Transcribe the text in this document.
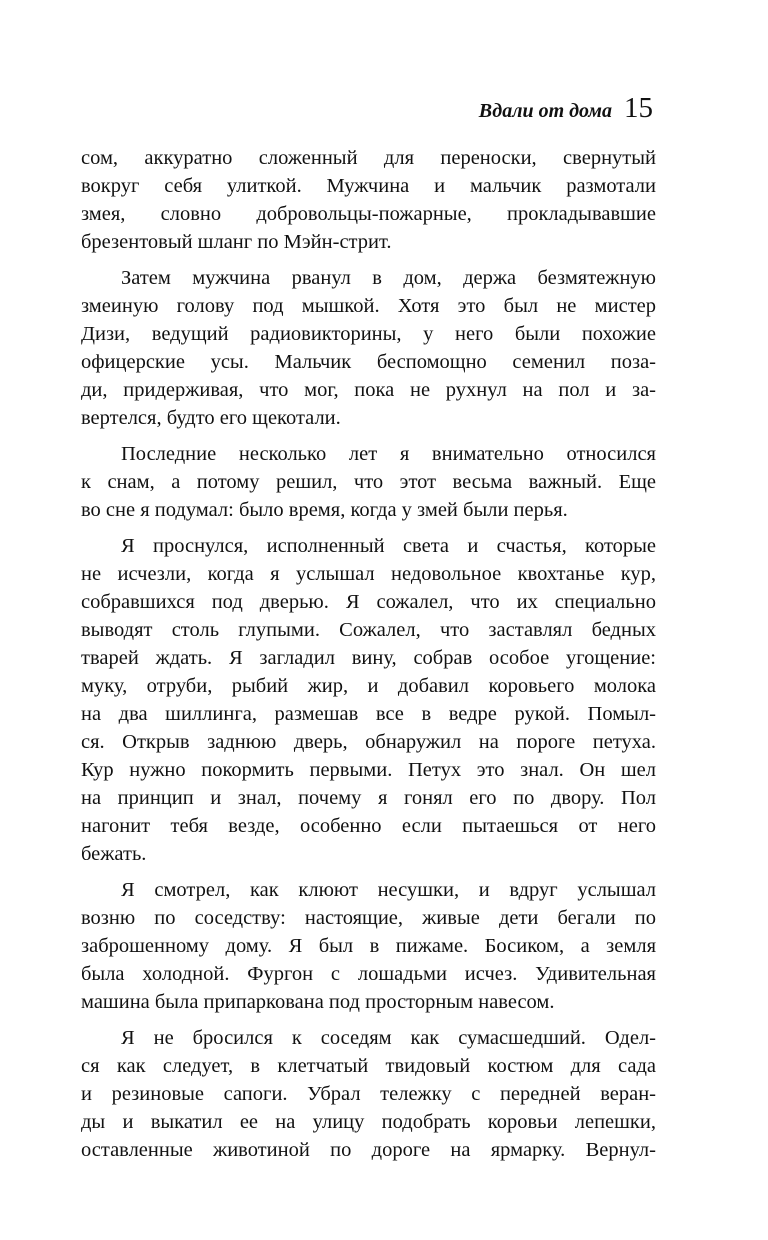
Вдали от дома 15
сом, аккуратно сложенный для переноски, свернутый
вокруг себя улиткой. Мужчина и мальчик размотали
змея, словно добровольцы-пожарные, прокладывавшие
брезентовый шланг по Мэйн-стрит.
Затем мужчина рванул в дом, держа безмятежную
змеиную голову под мышкой. Хотя это был не мистер
Дизи, ведущий радиовикторины, у него были похожие
офицерские усы. Мальчик беспомощно семенил поза-
ди, придерживая, что мог, пока не рухнул на пол и за-
вертелся, будто его щекотали.
Последние несколько лет я внимательно относился
к снам, а потому решил, что этот весьма важный. Еще
во сне я подумал: было время, когда у змей были перья.
Я проснулся, исполненный света и счастья, которые
не исчезли, когда я услышал недовольное квохтанье кур,
собравшихся под дверью. Я сожалел, что их специально
выводят столь глупыми. Сожалел, что заставлял бедных
тварей ждать. Я загладил вину, собрав особое угощение:
муку, отруби, рыбий жир, и добавил коровьего молока
на два шиллинга, размешав все в ведре рукой. Помыл-
ся. Открыв заднюю дверь, обнаружил на пороге петуха.
Кур нужно покормить первыми. Петух это знал. Он шел
на принцип и знал, почему я гонял его по двору. Пол
нагонит тебя везде, особенно если пытаешься от него
бежать.
Я смотрел, как клюют несушки, и вдруг услышал
возню по соседству: настоящие, живые дети бегали по
заброшенному дому. Я был в пижаме. Босиком, а земля
была холодной. Фургон с лошадьми исчез. Удивительная
машина была припаркована под просторным навесом.
Я не бросился к соседям как сумасшедший. Одел-
ся как следует, в клетчатый твидовый костюм для сада
и резиновые сапоги. Убрал тележку с передней веран-
ды и выкатил ее на улицу подобрать коровьи лепешки,
оставленные животиной по дороге на ярмарку. Вернул-
